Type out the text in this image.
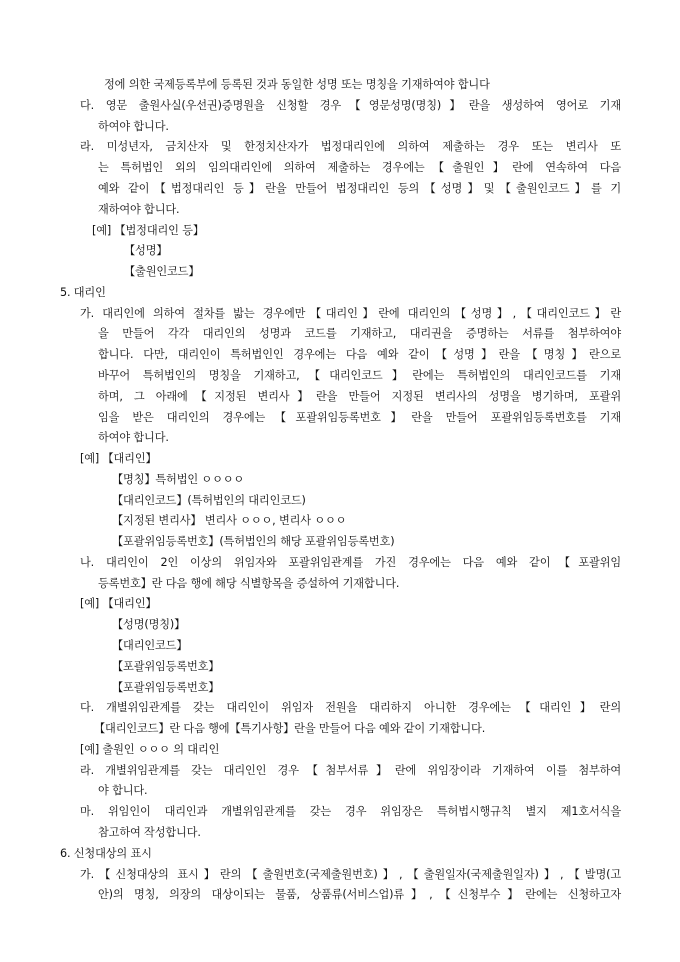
정에 의한 국제등록부에 등록된 것과 동일한 성명 또는 명칭을 기재하여야 합니다
다. 영문 출원사실(우선권)증명원을 신청할 경우【영문성명(명칭)】란을 생성하여 영어로 기재
하여야 합니다.
라. 미성년자, 금치산자 및 한정치산자가 법정대리인에 의하여 제출하는 경우 또는 변리사 또
는 특허법인 외의 임의대리인에 의하여 제출하는 경우에는【출원인】란에 연속하여 다음
예와 같이【법정대리인 등】란을 만들어 법정대리인 등의【성명】및【출원인코드】를 기
재하여야 합니다.
[예] 【법정대리인 등】
【성명】
【출원인코드】
5. 대리인
가. 대리인에 의하여 절차를 밟는 경우에만【대리인】란에 대리인의【성명】,【대리인코드】란
을 만들어 각각 대리인의 성명과 코드를 기재하고, 대리권을 증명하는 서류를 첨부하여야
합니다. 다만, 대리인이 특허법인인 경우에는 다음 예와 같이【성명】란을【명칭】란으로
바꾸어 특허법인의 명칭을 기재하고,【대리인코드】란에는 특허법인의 대리인코드를 기재
하며, 그 아래에【지정된 변리사】란을 만들어 지정된 변리사의 성명을 병기하며, 포괄위
임을 받은 대리인의 경우에는【포괄위임등록번호】란을 만들어 포괄위임등록번호를 기재
하여야 합니다.
[예] 【대리인】
【명칭】특허법인 ㅇㅇㅇㅇ
【대리인코드】(특허법인의 대리인코드)
【지정된 변리사】 변리사 ㅇㅇㅇ, 변리사 ㅇㅇㅇ
【포괄위임등록번호】(특허법인의 해당 포괄위임등록번호)
나. 대리인이 2인 이상의 위임자와 포괄위임관계를 가진 경우에는 다음 예와 같이【포괄위임
등록번호】란 다음 행에 해당 식별항목을 증설하여 기재합니다.
[예] 【대리인】
【성명(명칭)】
【대리인코드】
【포괄위임등록번호】
【포괄위임등록번호】
다. 개별위임관계를 갖는 대리인이 위임자 전원을 대리하지 아니한 경우에는【대리인】란의
【대리인코드】란 다음 행에【특기사항】란을 만들어 다음 예와 같이 기재합니다.
[예] 출원인 ㅇㅇㅇ 의 대리인
라. 개별위임관계를 갖는 대리인인 경우【첨부서류】란에 위임장이라 기재하여 이를 첨부하여
야 합니다.
마. 위임인이 대리인과 개별위임관계를 갖는 경우 위임장은 특허법시행규칙 별지 제1호서식을
참고하여 작성합니다.
6. 신청대상의 표시
가.【신청대상의 표시】란의【출원번호(국제출원번호)】,【출원일자(국제출원일자)】,【발명(고
안)의 명칭, 의장의 대상이되는 물품, 상품류(서비스업)류】,【신청부수】란에는 신청하고자
